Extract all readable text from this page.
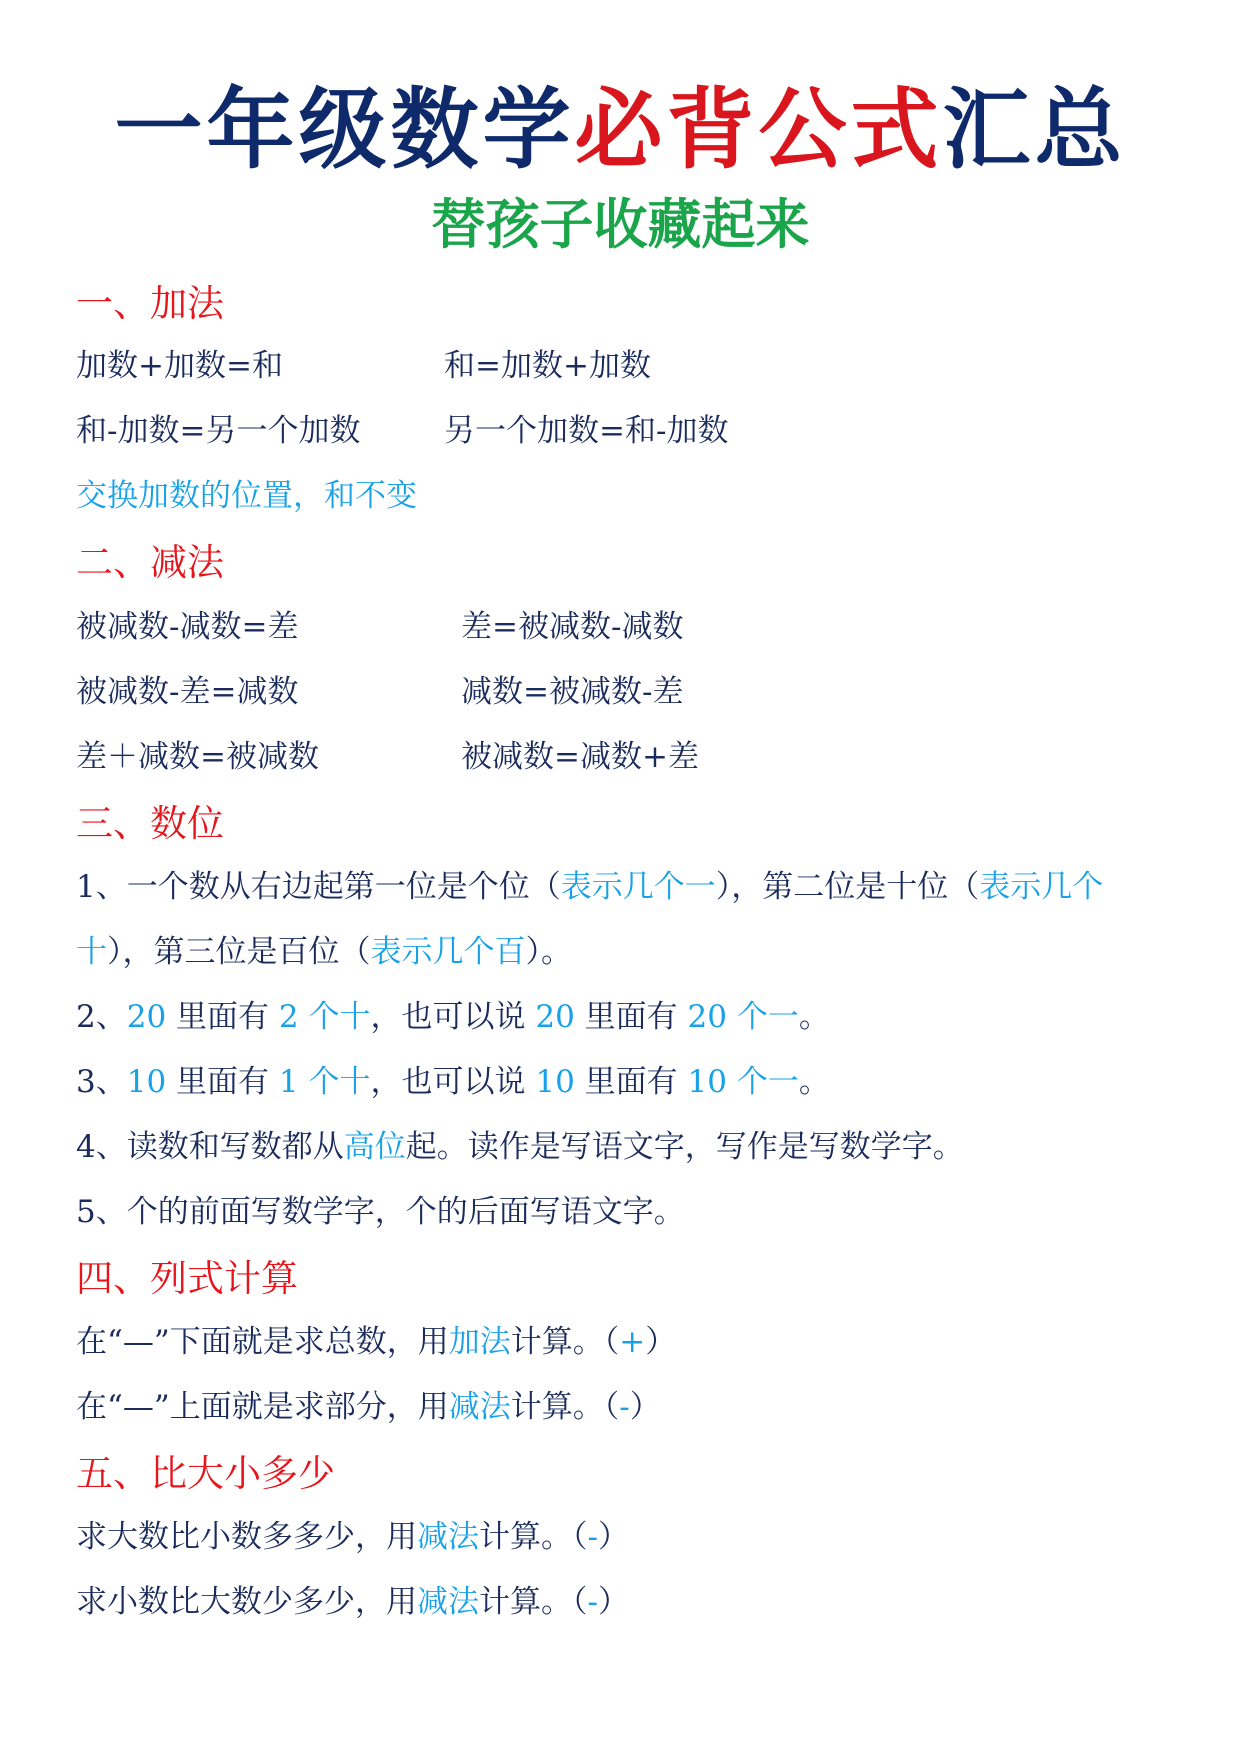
一年级数学必背公式汇总
替孩子收藏起来
一、加法
加数+加数=和	和=加数+加数
和-加数=另一个加数	另一个加数=和-加数
交换加数的位置，和不变
二、减法
被减数-减数=差	差=被减数-减数
被减数-差=减数	减数=被减数-差
差＋减数=被减数	被减数=减数+差
三、数位
1、一个数从右边起第一位是个位（表示几个一），第二位是十位（表示几个
十），第三位是百位（表示几个百）。
2、20 里面有 2 个十，也可以说 20 里面有 20 个一。
3、10 里面有 1 个十，也可以说 10 里面有 10 个一。
4、读数和写数都从高位起。读作是写语文字，写作是写数学字。
5、个的前面写数学字，个的后面写语文字。
四、列式计算
在“—”下面就是求总数，用加法计算。（+）
在“—”上面就是求部分，用减法计算。（-）
五、比大小多少
求大数比小数多多少，用减法计算。（-）
求小数比大数少多少，用减法计算。（-）
